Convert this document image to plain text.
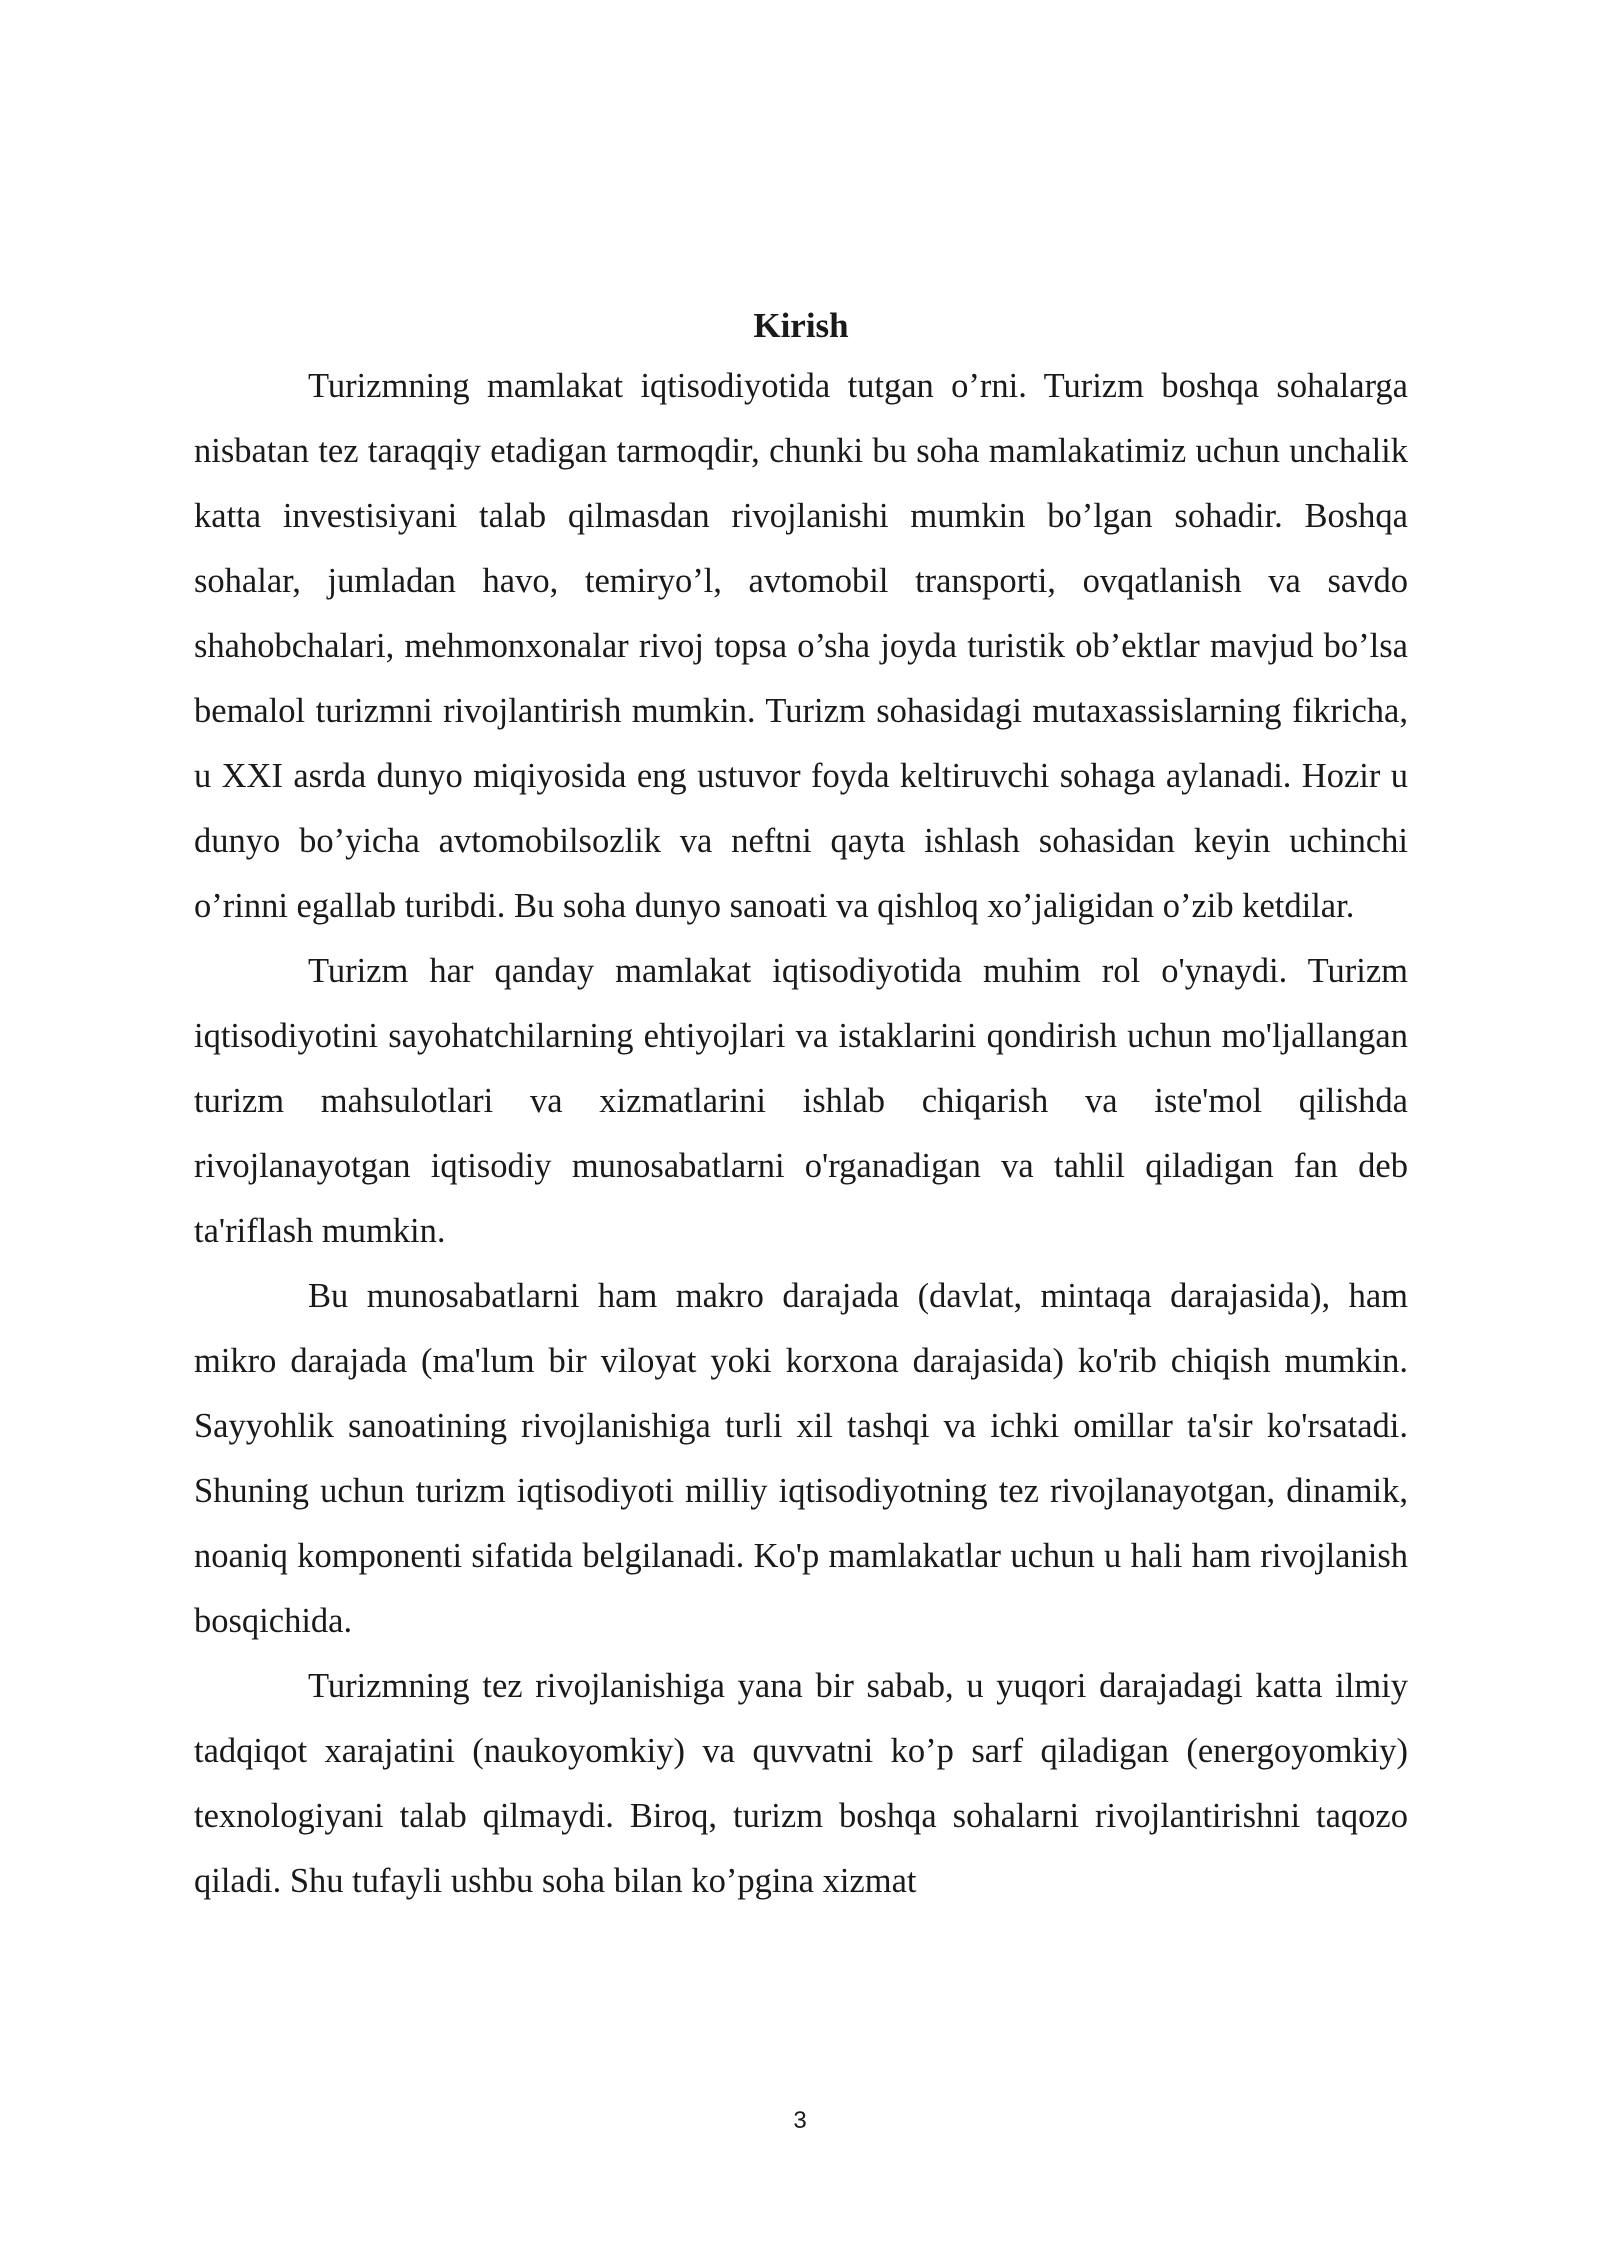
Kirish

Turizmning mamlakat iqtisodiyotida tutgan o’rni. Turizm boshqa sohalarga nisbatan tez taraqqiy etadigan tarmoqdir, chunki bu soha mamlakatimiz uchun unchalik katta investisiyani talab qilmasdan rivojlanishi mumkin bo’lgan sohadir. Boshqa sohalar, jumladan havo, temiryo’l, avtomobil transporti, ovqatlanish va savdo shahobchalari, mehmonxonalar rivoj topsa o’sha joyda turistik ob’ektlar mavjud bo’lsa bemalol turizmni rivojlantirish mumkin. Turizm sohasidagi mutaxassislarning fikricha, u XXI asrda dunyo miqiyosida eng ustuvor foyda keltiruvchi sohaga aylanadi. Hozir u dunyo bo’yicha avtomobilsozlik va neftni qayta ishlash sohasidan keyin uchinchi o’rinni egallab turibdi. Bu soha dunyo sanoati va qishloq xo’jaligidan o’zib ketdilar.

Turizm har qanday mamlakat iqtisodiyotida muhim rol o'ynaydi. Turizm iqtisodiyotini sayohatchilarning ehtiyojlari va istaklarini qondirish uchun mo'ljallangan turizm mahsulotlari va xizmatlarini ishlab chiqarish va iste'mol qilishda rivojlanayotgan iqtisodiy munosabatlarni o'rganadigan va tahlil qiladigan fan deb ta'riflash mumkin.

Bu munosabatlarni ham makro darajada (davlat, mintaqa darajasida), ham mikro darajada (ma'lum bir viloyat yoki korxona darajasida) ko'rib chiqish mumkin. Sayyohlik sanoatining rivojlanishiga turli xil tashqi va ichki omillar ta'sir ko'rsatadi. Shuning uchun turizm iqtisodiyoti milliy iqtisodiyotning tez rivojlanayotgan, dinamik, noaniq komponenti sifatida belgilanadi. Ko'p mamlakatlar uchun u hali ham rivojlanish bosqichida.

Turizmning tez rivojlanishiga yana bir sabab, u yuqori darajadagi katta ilmiy tadqiqot xarajatini (naukoyomkiy) va quvvatni ko’p sarf qiladigan (energoyomkiy) texnologiyani talab qilmaydi. Biroq, turizm boshqa sohalarni rivojlantirishni taqozo qiladi. Shu tufayli ushbu soha bilan ko’pgina xizmat

3
